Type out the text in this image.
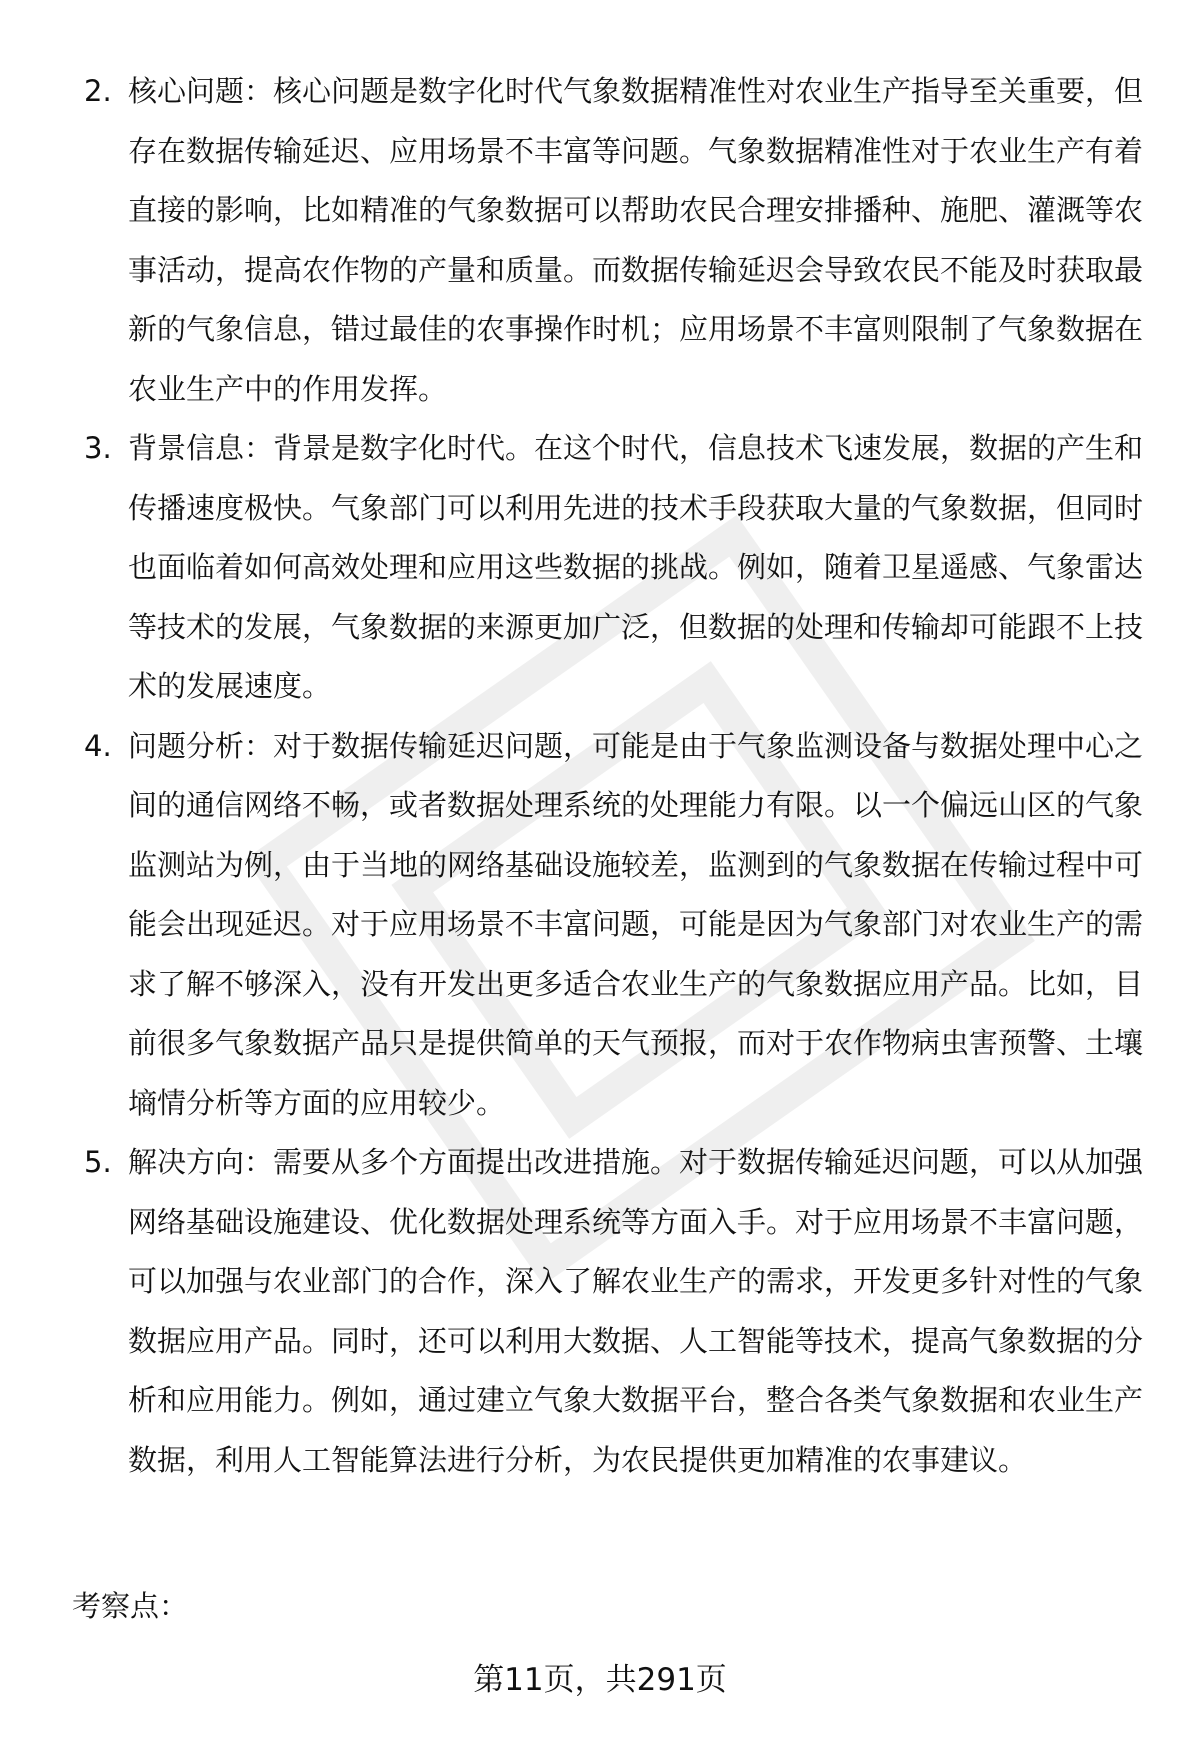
2. 核心问题：核心问题是数字化时代气象数据精准性对农业生产指导至关重要，但存在数据传输延迟、应用场景不丰富等问题。气象数据精准性对于农业生产有着直接的影响，比如精准的气象数据可以帮助农民合理安排播种、施肥、灌溉等农事活动，提高农作物的产量和质量。而数据传输延迟会导致农民不能及时获取最新的气象信息，错过最佳的农事操作时机；应用场景不丰富则限制了气象数据在农业生产中的作用发挥。
3. 背景信息：背景是数字化时代。在这个时代，信息技术飞速发展，数据的产生和传播速度极快。气象部门可以利用先进的技术手段获取大量的气象数据，但同时也面临着如何高效处理和应用这些数据的挑战。例如，随着卫星遥感、气象雷达等技术的发展，气象数据的来源更加广泛，但数据的处理和传输却可能跟不上技术的发展速度。
4. 问题分析：对于数据传输延迟问题，可能是由于气象监测设备与数据处理中心之间的通信网络不畅，或者数据处理系统的处理能力有限。以一个偏远山区的气象监测站为例，由于当地的网络基础设施较差，监测到的气象数据在传输过程中可能会出现延迟。对于应用场景不丰富问题，可能是因为气象部门对农业生产的需求了解不够深入，没有开发出更多适合农业生产的气象数据应用产品。比如，目前很多气象数据产品只是提供简单的天气预报，而对于农作物病虫害预警、土壤墒情分析等方面的应用较少。
5. 解决方向：需要从多个方面提出改进措施。对于数据传输延迟问题，可以从加强网络基础设施建设、优化数据处理系统等方面入手。对于应用场景不丰富问题，可以加强与农业部门的合作，深入了解农业生产的需求，开发更多针对性的气象数据应用产品。同时，还可以利用大数据、人工智能等技术，提高气象数据的分析和应用能力。例如，通过建立气象大数据平台，整合各类气象数据和农业生产数据，利用人工智能算法进行分析，为农民提供更加精准的农事建议。
考察点：
第11页，共291页
